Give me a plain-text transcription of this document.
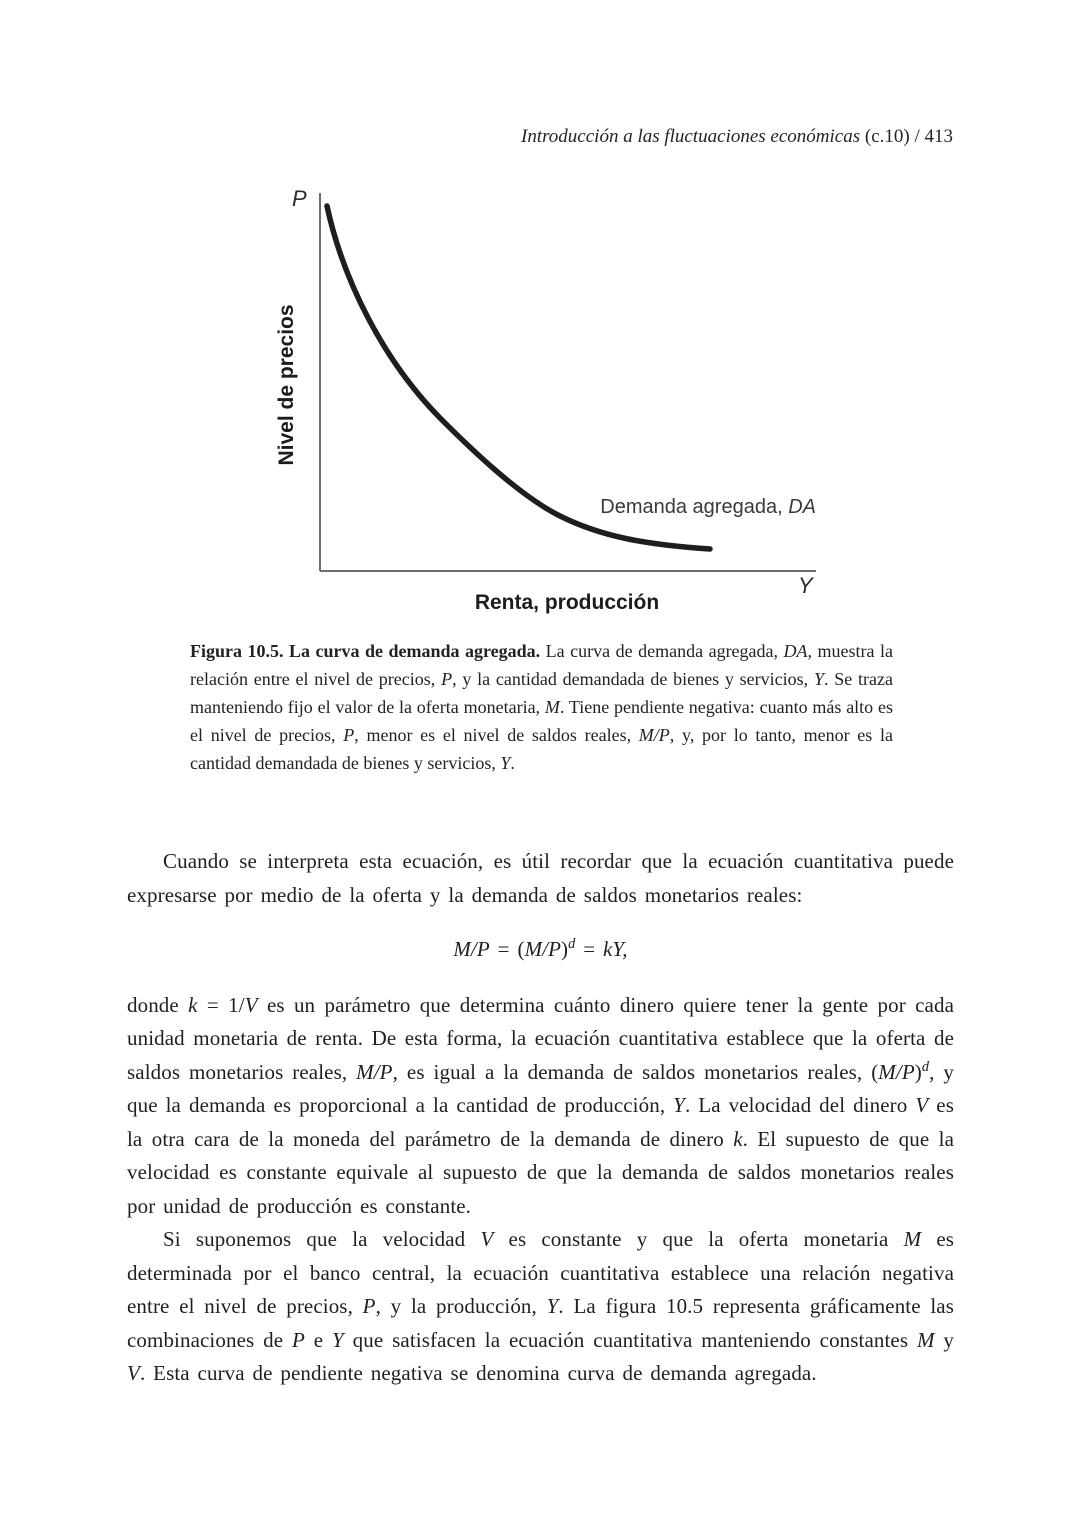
Introducción a las fluctuaciones económicas (c.10) / 413
P
Y
Nivel de precios
Renta, producción
Demanda agregada, DA
Figura 10.5. La curva de demanda agregada. La curva de demanda agregada, DA, muestra la relación entre el nivel de precios, P, y la cantidad demandada de bienes y servicios, Y. Se traza manteniendo fijo el valor de la oferta monetaria, M. Tiene pendiente negativa: cuanto más alto es el nivel de precios, P, menor es el nivel de saldos reales, M/P, y, por lo tanto, menor es la cantidad demandada de bienes y servicios, Y.

Cuando se interpreta esta ecuación, es útil recordar que la ecuación cuantitativa puede expresarse por medio de la oferta y la demanda de saldos monetarios reales:

$M/P = (M/P)^d$ = kY,

donde k = 1/V es un parámetro que determina cuánto dinero quiere tener la gente por cada unidad monetaria de renta. De esta forma, la ecuación cuantitativa establece que la oferta de saldos monetarios reales, M/P, es igual a la demanda de saldos monetarios reales, $(M/P)^d$, y que la demanda es proporcional a la cantidad de producción, Y. La velocidad del dinero V es la otra cara de la moneda del parámetro de la demanda de dinero k. El supuesto de que la velocidad es constante equivale al supuesto de que la demanda de saldos monetarios reales por unidad de producción es constante.

Si suponemos que la velocidad V es constante y que la oferta monetaria M es determinada por el banco central, la ecuación cuantitativa establece una relación negativa entre el nivel de precios, P, y la producción, Y. La figura 10.5 representa gráficamente las combinaciones de P e Y que satisfacen la ecuación cuantitativa manteniendo constantes M y V. Esta curva de pendiente negativa se denomina curva de demanda agregada.
